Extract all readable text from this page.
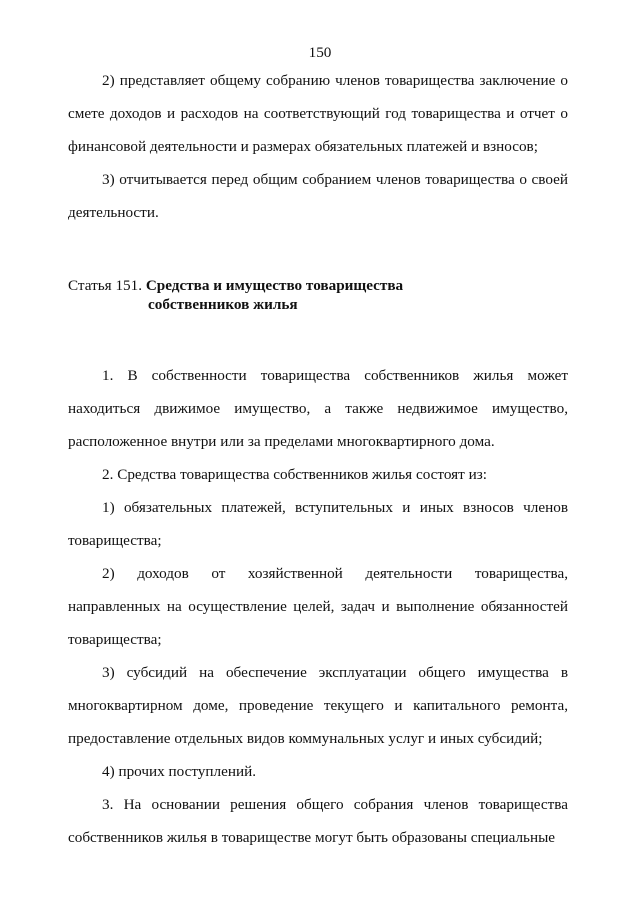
150

2) представляет общему собранию членов товарищества заключение о смете доходов и расходов на соответствующий год товарищества и отчет о финансовой деятельности и размерах обязательных платежей и взносов;

3) отчитывается перед общим собранием членов товарищества о своей деятельности.

Статья 151. Средства и имущество товарищества
собственников жилья

1. В собственности товарищества собственников жилья может находиться движимое имущество, а также недвижимое имущество, расположенное внутри или за пределами многоквартирного дома.

2. Средства товарищества собственников жилья состоят из:

1) обязательных платежей, вступительных и иных взносов членов товарищества;

2) доходов от хозяйственной деятельности товарищества, направленных на осуществление целей, задач и выполнение обязанностей товарищества;

3) субсидий на обеспечение эксплуатации общего имущества в многоквартирном доме, проведение текущего и капитального ремонта, предоставление отдельных видов коммунальных услуг и иных субсидий;

4) прочих поступлений.

3. На основании решения общего собрания членов товарищества собственников жилья в товариществе могут быть образованы специальные
